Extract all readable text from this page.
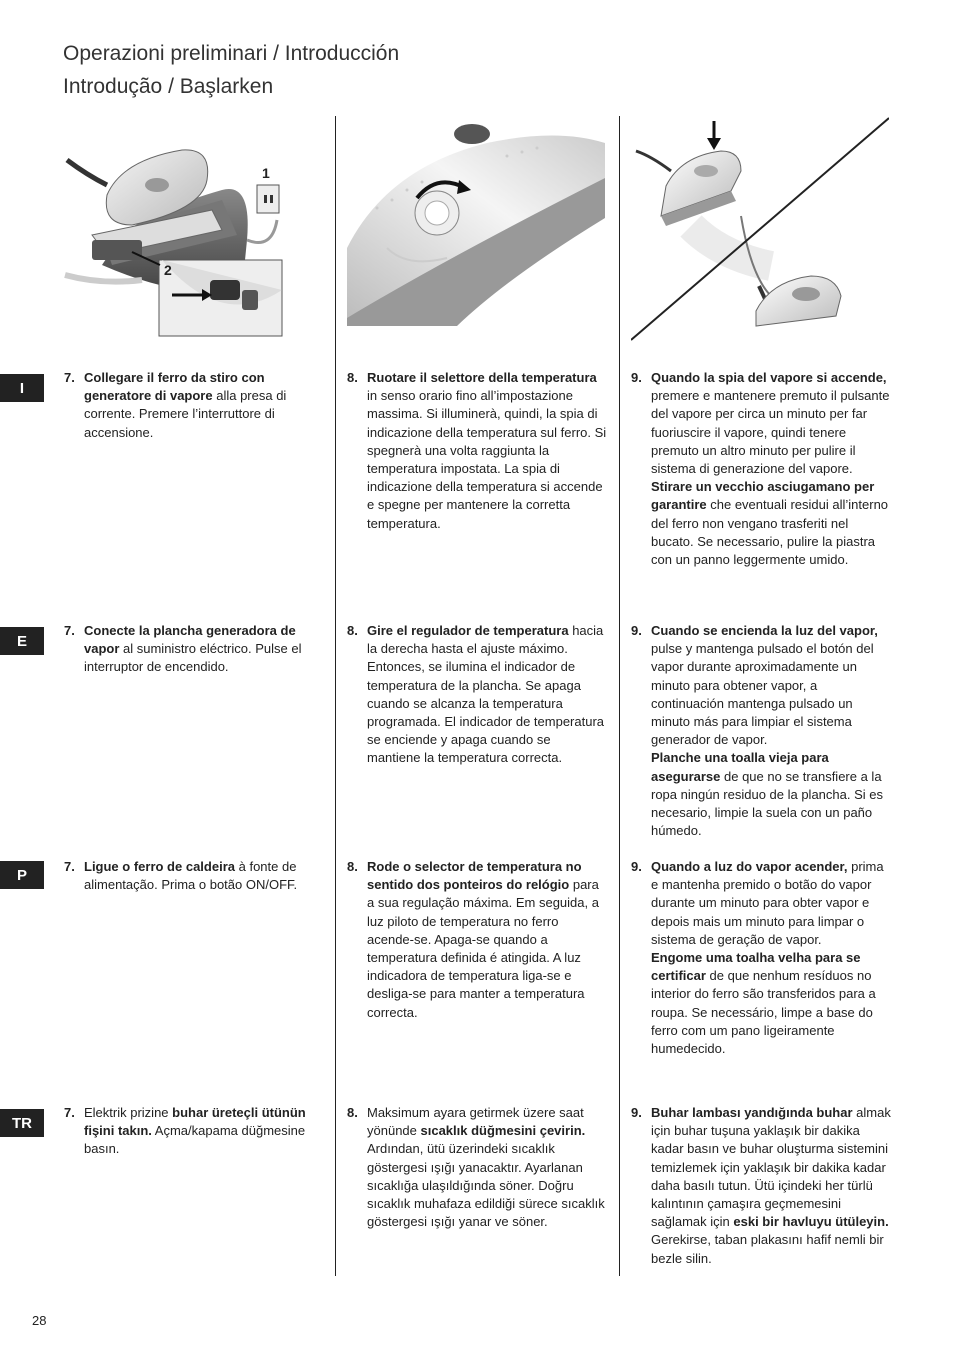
Operazioni preliminari / Introducción
Introdução / Başlarken
1
2
I
E
P
TR
7. Collegare il ferro da stiro con generatore di vapore alla presa di corrente. Premere l’interruttore di accensione.
8. Ruotare il selettore della temperatura in senso orario fino all’impostazione massima. Si illuminerà, quindi, la spia di indicazione della temperatura sul ferro. Si spegnerà una volta raggiunta la temperatura impostata. La spia di indicazione della temperatura si accende e spegne per mantenere la corretta temperatura.
9. Quando la spia del vapore si accende, premere e mantenere premuto il pulsante del vapore per circa un minuto per far fuoriuscire il vapore, quindi tenere premuto un altro minuto per pulire il sistema di generazione del vapore.
Stirare un vecchio asciugamano per garantire che eventuali residui all’interno del ferro non vengano trasferiti nel bucato. Se necessario, pulire la piastra con un panno leggermente umido.
7. Conecte la plancha generadora de vapor al suministro eléctrico. Pulse el interruptor de encendido.
8. Gire el regulador de temperatura hacia la derecha hasta el ajuste máximo. Entonces, se ilumina el indicador de temperatura de la plancha. Se apaga cuando se alcanza la temperatura programada. El indicador de temperatura se enciende y apaga cuando se mantiene la temperatura correcta.
9. Cuando se encienda la luz del vapor, pulse y mantenga pulsado el botón del vapor durante aproximadamente un minuto para obtener vapor, a continuación mantenga pulsado un minuto más para limpiar el sistema generador de vapor.
Planche una toalla vieja para asegurarse de que no se transfiere a la ropa ningún residuo de la plancha. Si es necesario, limpie la suela con un paño húmedo.
7. Ligue o ferro de caldeira à fonte de alimentação. Prima o botão ON/OFF.
8. Rode o selector de temperatura no sentido dos ponteiros do relógio para a sua regulação máxima. Em seguida, a luz piloto de temperatura no ferro acende-se. Apaga-se quando a temperatura definida é atingida. A luz indicadora de temperatura liga-se e desliga-se para manter a temperatura correcta.
9. Quando a luz do vapor acender, prima e mantenha premido o botão do vapor durante um minuto para obter vapor e depois mais um minuto para limpar o sistema de geração de vapor.
Engome uma toalha velha para se certificar de que nenhum resíduos no interior do ferro são transferidos para a roupa. Se necessário, limpe a base do ferro com um pano ligeiramente humedecido.
7. Elektrik prizine buhar üreteçli ütünün fişini takın. Açma/kapama düğmesine basın.
8. Maksimum ayara getirmek üzere saat yönünde sıcaklık düğmesini çevirin. Ardından, ütü üzerindeki sıcaklık göstergesi ışığı yanacaktır. Ayarlanan sıcaklığa ulaşıldığında söner. Doğru sıcaklık muhafaza edildiği sürece sıcaklık göstergesi ışığı yanar ve söner.
9. Buhar lambası yandığında buhar almak için buhar tuşuna yaklaşık bir dakika kadar basın ve buhar oluşturma sistemini temizlemek için yaklaşık bir dakika kadar daha basılı tutun. Ütü içindeki her türlü kalıntının çamaşıra geçmemesini sağlamak için eski bir havluyu ütüleyin. Gerekirse, taban plakasını hafif nemli bir bezle silin.
28
